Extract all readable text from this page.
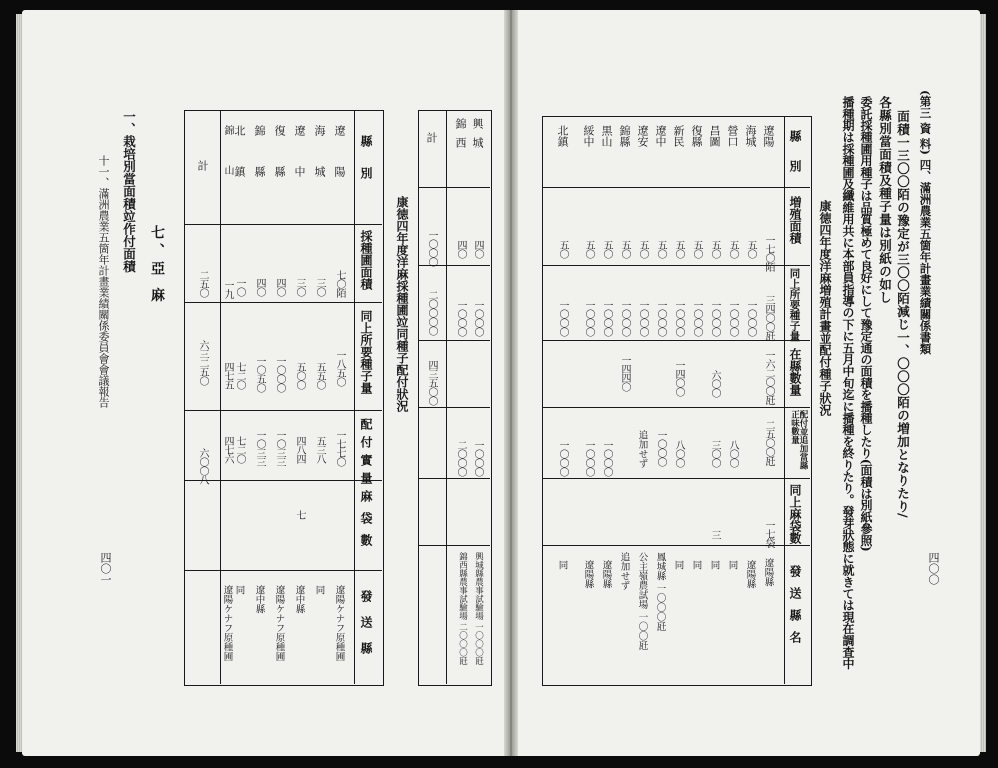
四〇〇
(第三 資 料) 四、滿洲農業五箇年計畫業績關係書類
面積一三〇〇陌の豫定が三〇〇陌減じ一、〇〇〇陌の増加となりたり/
各縣別當面積及種子量は別紙の如し
委託採種圃用種子は品質極めて良好にして豫定通の面積を播種したり(面積は別紙參照)
播種期は採種圃及纖維用共に本部員指導の下に五月中旬迄に播種を終りたり。發芽狀態に就きては現在調査中
康徳四年度洋麻増殖計畫並配付種子狀況
縣別
増殖面積
同上所要種子量
在縣數量
配付並追加當縣正味數量
同上麻袋數
發送縣名
遼陽
一七〇陌
三四〇〇瓩
一六二〇〇瓩
二五〇〇瓩
一七袋
遼陽縣
海城
五〇
一〇〇〇
遼陽縣
營口
五〇
一〇〇〇
八〇〇
同
昌圖
五〇
一〇〇〇
六〇〇
三〇〇
三
同
復縣
五〇
一〇〇〇
同
新民
五〇
一〇〇〇
一四〇〇
八〇〇
同
遼中
五〇
一〇〇〇
一〇〇〇
鳳城縣 一〇〇〇瓩
遼安
五〇
一〇〇〇
追加せず
公主嶺農試場 一〇〇瓩
錦縣
五〇
一〇〇〇
一四四〇
追加せず
黒山
五〇
一〇〇〇
一〇〇〇
遼陽縣
綏中
五〇
一〇〇〇
一〇〇〇
遼陽縣
北鎮
五〇
一〇〇〇
一〇〇〇
同
興城
錦西
計
四〇
四〇
一〇〇〇
一〇〇〇
一〇〇〇
二〇〇〇〇
四三五〇〇
一〇〇〇
二〇〇〇
興城縣農事試驗場 一〇〇〇瓩
錦西縣農事試驗場 二〇〇〇瓩
康徳四年度洋麻採種圃竝同種子配付狀況
縣別
採種圃面積
同上所要種子量
配付實量
麻袋數
發送縣
遼陽
七〇陌
一八五〇
一七七〇
遼陽ケナフ原種圃
海城
三〇
五五〇
五三八
同
遼中
三〇
五〇〇
四八四
七
遼中縣
復縣
四〇
一〇〇〇
一〇三三
遼陽ケナフ原種圃
錦縣
四〇
一〇五〇
一〇三三
遼中縣
北鎮
一〇
七二〇
七二〇
同
錦山
一九
四七五
四七六
遼陽ケナフ原種圃
計
二五〇
六三二五〇
六〇〇八
七、亞 麻
一、栽培別當面積竝作付面積
十一、滿洲農業五箇年計畫業績關係委員會會議報告
四〇一
